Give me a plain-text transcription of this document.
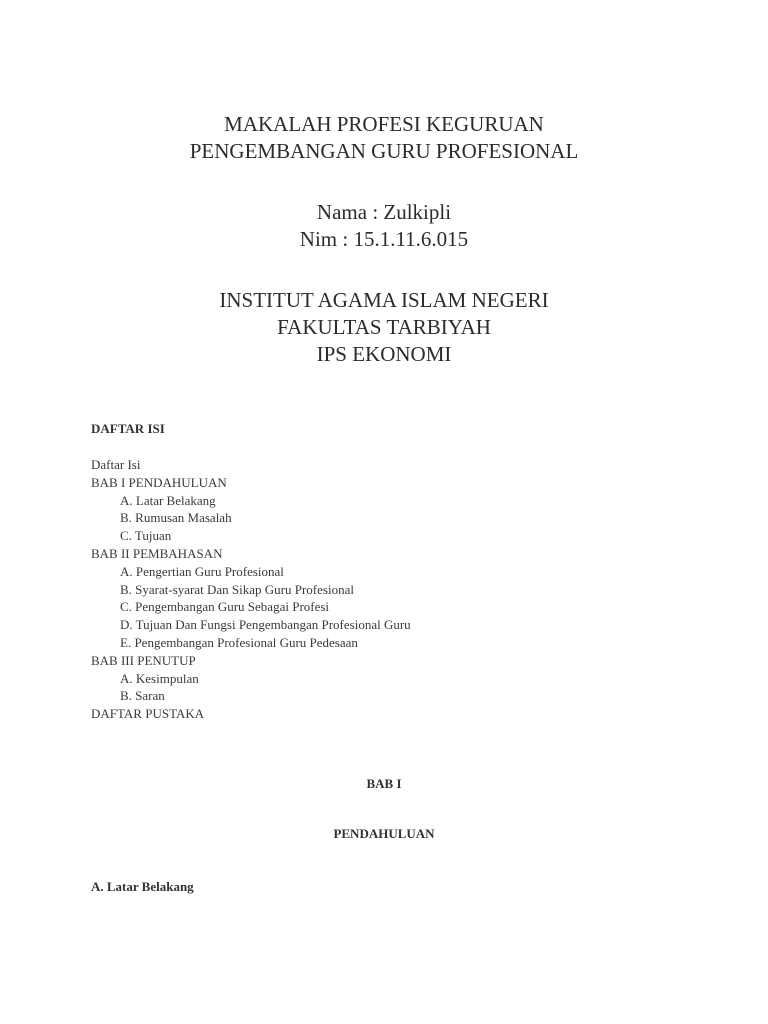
MAKALAH PROFESI KEGURUAN
PENGEMBANGAN GURU PROFESIONAL
Nama : Zulkipli
Nim : 15.1.11.6.015
INSTITUT AGAMA ISLAM NEGERI
FAKULTAS TARBIYAH
IPS EKONOMI
DAFTAR ISI
Daftar Isi
BAB I PENDAHULUAN
A. Latar Belakang
B. Rumusan Masalah
C. Tujuan
BAB II PEMBAHASAN
A. Pengertian Guru Profesional
B. Syarat-syarat Dan Sikap Guru Profesional
C. Pengembangan Guru Sebagai Profesi
D. Tujuan Dan Fungsi Pengembangan Profesional Guru
E. Pengembangan Profesional Guru Pedesaan
BAB III PENUTUP
A. Kesimpulan
B. Saran
DAFTAR PUSTAKA
BAB I
PENDAHULUAN
A. Latar Belakang
